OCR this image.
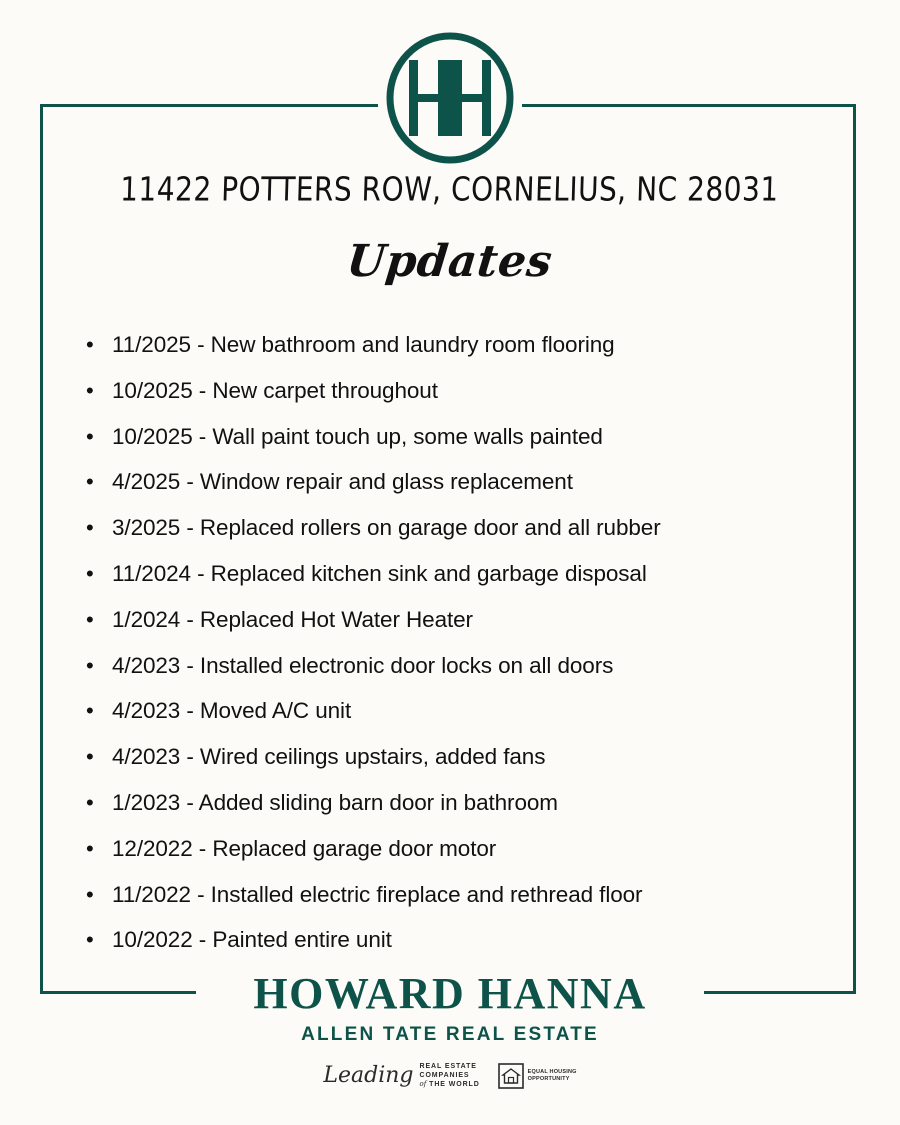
11422 POTTERS ROW, CORNELIUS, NC 28031
Updates
• 11/2025 - New bathroom and laundry room flooring
• 10/2025 - New carpet throughout
• 10/2025 - Wall paint touch up, some walls painted
• 4/2025 - Window repair and glass replacement
• 3/2025 - Replaced rollers on garage door and all rubber
• 11/2024 - Replaced kitchen sink and garbage disposal
• 1/2024 - Replaced Hot Water Heater
• 4/2023 - Installed electronic door locks on all doors
• 4/2023 - Moved A/C unit
• 4/2023 - Wired ceilings upstairs, added fans
• 1/2023 - Added sliding barn door in bathroom
• 12/2022 - Replaced garage door motor
• 11/2022 - Installed electric fireplace and rethread floor
• 10/2022 - Painted entire unit
HOWARD HANNA
ALLEN TATE REAL ESTATE
Leading REAL ESTATE
COMPANIES
of THE WORLD
EQUAL HOUSING
OPPORTUNITY
